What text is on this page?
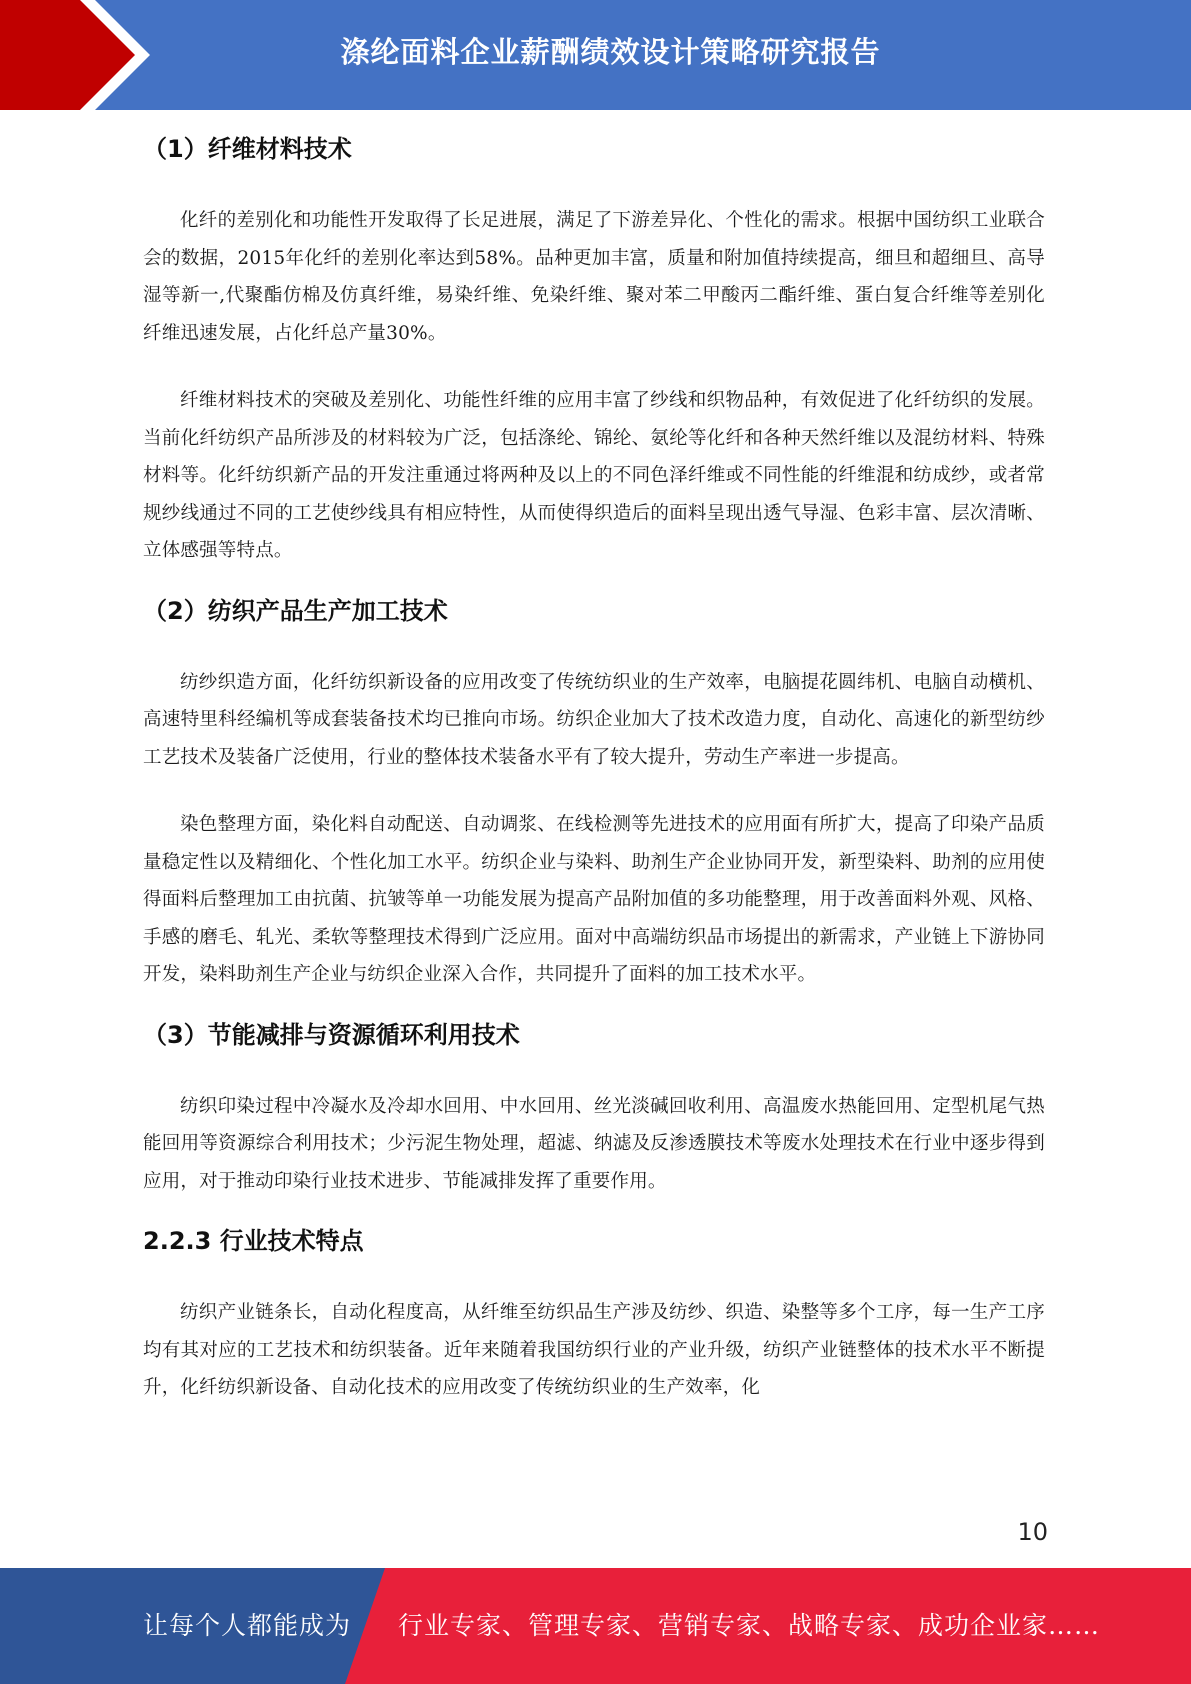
涤纶面料企业薪酬绩效设计策略研究报告
（1）纤维材料技术

化纤的差别化和功能性开发取得了长足进展，满足了下游差异化、个性化的需求。根据中国纺织工业联合会的数据，2015年化纤的差别化率达到58%。品种更加丰富，质量和附加值持续提高，细旦和超细旦、高导湿等新一,代聚酯仿棉及仿真纤维，易染纤维、免染纤维、聚对苯二甲酸丙二酯纤维、蛋白复合纤维等差别化纤维迅速发展，占化纤总产量30%。

纤维材料技术的突破及差别化、功能性纤维的应用丰富了纱线和织物品种，有效促进了化纤纺织的发展。当前化纤纺织产品所涉及的材料较为广泛，包括涤纶、锦纶、氨纶等化纤和各种天然纤维以及混纺材料、特殊材料等。化纤纺织新产品的开发注重通过将两种及以上的不同色泽纤维或不同性能的纤维混和纺成纱，或者常规纱线通过不同的工艺使纱线具有相应特性，从而使得织造后的面料呈现出透气导湿、色彩丰富、层次清晰、立体感强等特点。

（2）纺织产品生产加工技术

纺纱织造方面，化纤纺织新设备的应用改变了传统纺织业的生产效率，电脑提花圆纬机、电脑自动横机、高速特里科经编机等成套装备技术均已推向市场。纺织企业加大了技术改造力度，自动化、高速化的新型纺纱工艺技术及装备广泛使用，行业的整体技术装备水平有了较大提升，劳动生产率进一步提高。

染色整理方面，染化料自动配送、自动调浆、在线检测等先进技术的应用面有所扩大，提高了印染产品质量稳定性以及精细化、个性化加工水平。纺织企业与染料、助剂生产企业协同开发，新型染料、助剂的应用使得面料后整理加工由抗菌、抗皱等单一功能发展为提高产品附加值的多功能整理，用于改善面料外观、风格、手感的磨毛、轧光、柔软等整理技术得到广泛应用。面对中高端纺织品市场提出的新需求，产业链上下游协同开发，染料助剂生产企业与纺织企业深入合作，共同提升了面料的加工技术水平。

（3）节能减排与资源循环利用技术

纺织印染过程中冷凝水及冷却水回用、中水回用、丝光淡碱回收利用、高温废水热能回用、定型机尾气热能回用等资源综合利用技术；少污泥生物处理，超滤、纳滤及反渗透膜技术等废水处理技术在行业中逐步得到应用，对于推动印染行业技术进步、节能减排发挥了重要作用。

2.2.3 行业技术特点

纺织产业链条长，自动化程度高，从纤维至纺织品生产涉及纺纱、织造、染整等多个工序，每一生产工序均有其对应的工艺技术和纺织装备。近年来随着我国纺织行业的产业升级，纺织产业链整体的技术水平不断提升，化纤纺织新设备、自动化技术的应用改变了传统纺织业的生产效率，化

10
让每个人都能成为 行业专家、管理专家、营销专家、战略专家、成功企业家……
